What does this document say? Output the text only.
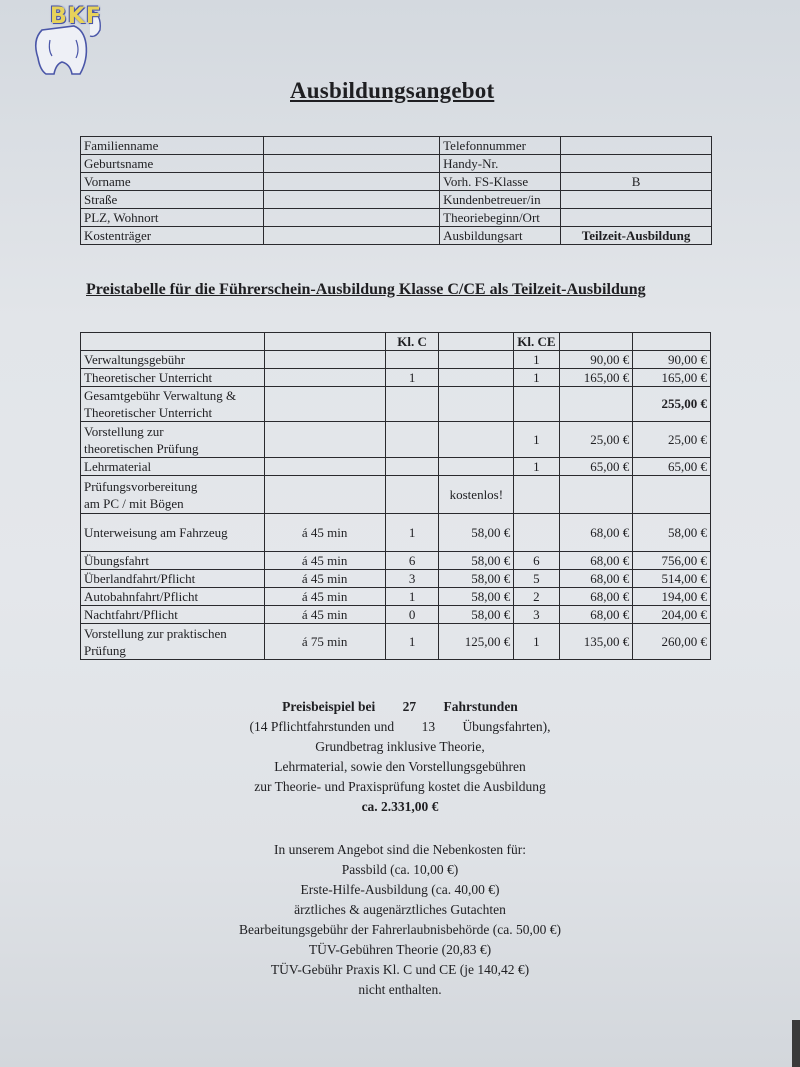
BKF
Ausbildungsangebot
Familienname		Telefonnummer	
Geburtsname		Handy-Nr.	
Vorname		Vorh. FS-Klasse	B
Straße		Kundenbetreuer/in	
PLZ, Wohnort		Theoriebeginn/Ort	
Kostenträger		Ausbildungsart	Teilzeit-Ausbildung
Preistabelle für die Führerschein-Ausbildung Klasse C/CE als Teilzeit-Ausbildung
		Kl. C		Kl. CE		
Verwaltungsgebühr				1	90,00 €	90,00 €
Theoretischer Unterricht		1		1	165,00 €	165,00 €

Gesamtgebühr Verwaltung &
Theoretischer Unterricht						255,00 €

Vorstellung zur
theoretischen Prüfung				1	25,00 €	25,00 €
Lehrmaterial				1	65,00 €	65,00 €

Prüfungsvorbereitung
am PC / mit Bögen			kostenlos!			
Unterweisung am Fahrzeug	á 45 min	1	58,00 €		68,00 €	58,00 €
Übungsfahrt	á 45 min	6	58,00 €	6	68,00 €	756,00 €
Überlandfahrt/Pflicht	á 45 min	3	58,00 €	5	68,00 €	514,00 €
Autobahnfahrt/Pflicht	á 45 min	1	58,00 €	2	68,00 €	194,00 €
Nachtfahrt/Pflicht	á 45 min	0	58,00 €	3	68,00 €	204,00 €

Vorstellung zur praktischen
Prüfung	á 75 min	1	125,00 €	1	135,00 €	260,00 €
Preisbeispiel bei 27 Fahrstunden
(14 Pflichtfahrstunden und 13 Übungsfahrten),
Grundbetrag inklusive Theorie,
Lehrmaterial, sowie den Vorstellungsgebühren
zur Theorie- und Praxisprüfung kostet die Ausbildung
ca. 2.331,00 €
In unserem Angebot sind die Nebenkosten für:
Passbild (ca. 10,00 €)
Erste-Hilfe-Ausbildung (ca. 40,00 €)
ärztliches & augenärztliches Gutachten
Bearbeitungsgebühr der Fahrerlaubnisbehörde (ca. 50,00 €)
TÜV-Gebühren Theorie (20,83 €)
TÜV-Gebühr Praxis Kl. C und CE (je 140,42 €)
nicht enthalten.
